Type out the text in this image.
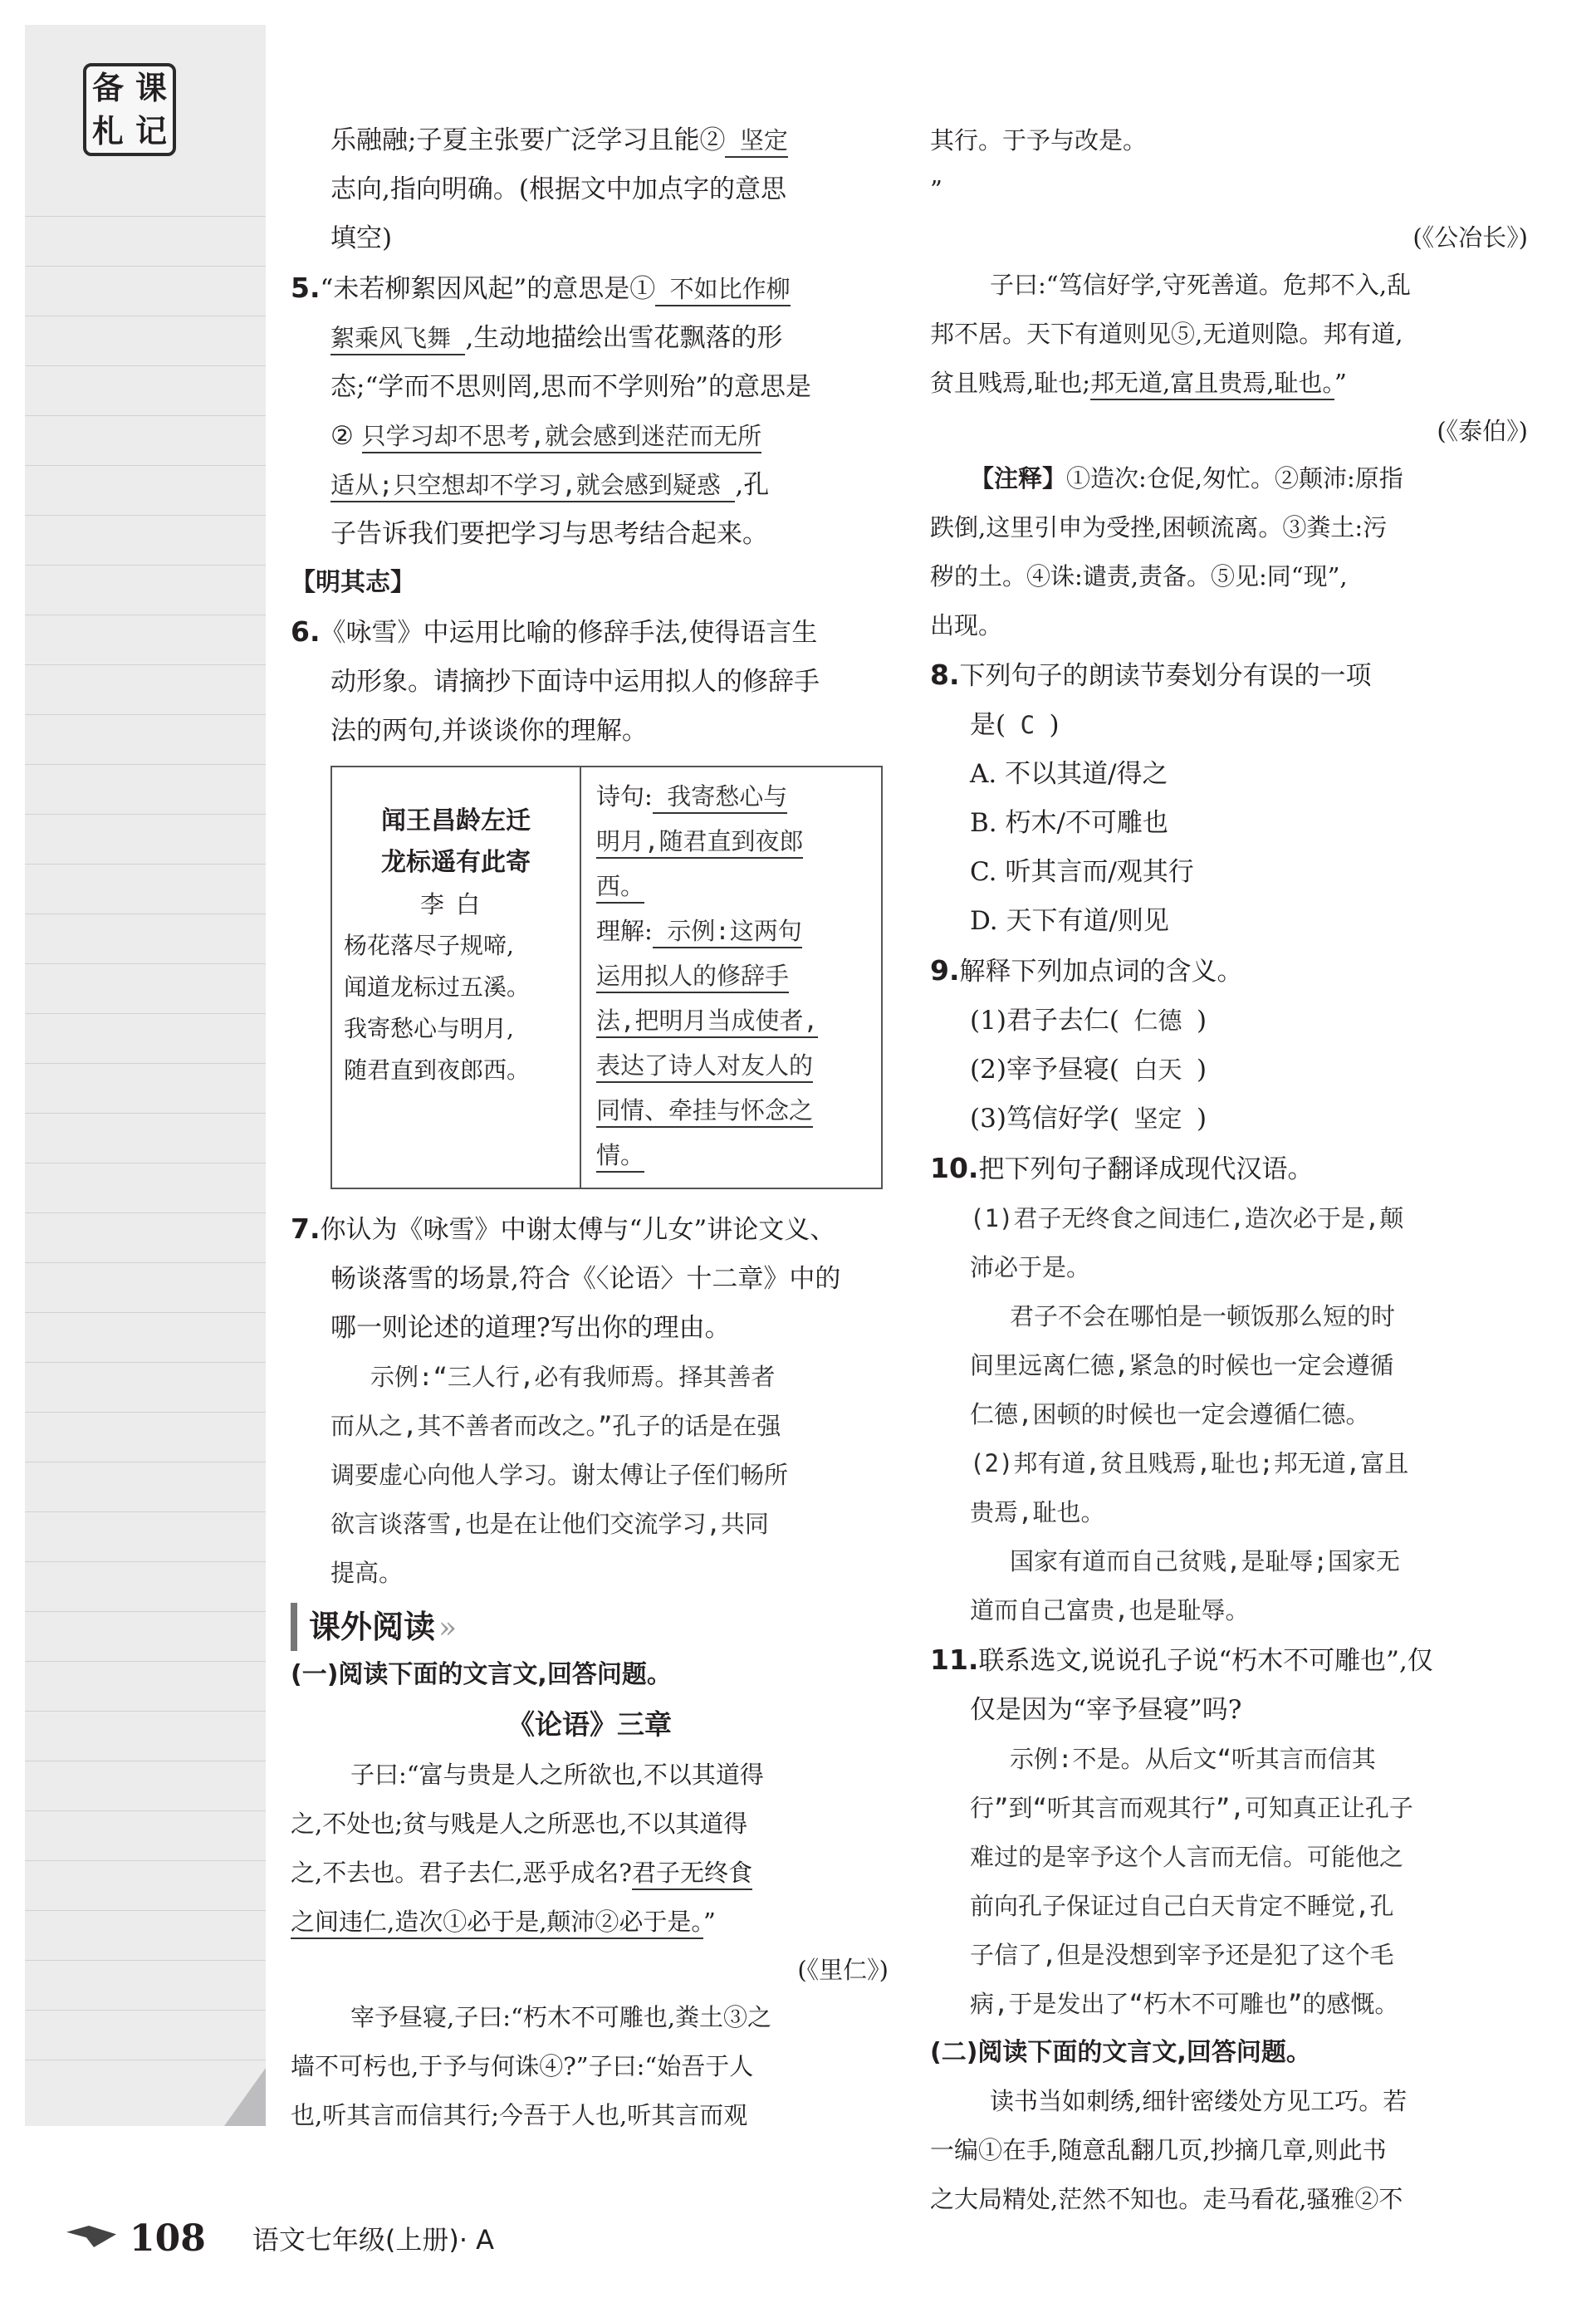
备 课
札 记	乐融融;子夏主张要广泛学习且能② 坚定
志向,指向明确。(根据文中加点字的意思
填空)
5.“未若柳絮因风起”的意思是① 不如比作柳
絮乘风飞舞 ,生动地描绘出雪花飘落的形
态;“学而不思则罔,思而不学则殆”的意思是
② 只学习却不思考,就会感到迷茫而无所
适从;只空想却不学习,就会感到疑惑 ,孔
子告诉我们要把学习与思考结合起来。
【明其志】
6.《咏雪》中运用比喻的修辞手法,使得语言生
动形象。请摘抄下面诗中运用拟人的修辞手
法的两句,并谈谈你的理解。
闻王昌龄左迁
龙标遥有此寄
李白
杨花落尽子规啼,
闻道龙标过五溪。
我寄愁心与明月,
随君直到夜郎西。
诗句: 我寄愁心与
明月,随君直到夜郎
西。
理解: 示例:这两句
运用拟人的修辞手
法,把明月当成使者,
表达了诗人对友人的
同情、牵挂与怀念之
情。
7.你认为《咏雪》中谢太傅与“儿女”讲论文义、
畅谈落雪的场景,符合《〈论语〉十二章》中的
哪一则论述的道理?写出你的理由。
示例:“三人行,必有我师焉。择其善者
而从之,其不善者而改之。”孔子的话是在强
调要虚心向他人学习。谢太傅让子侄们畅所
欲言谈落雪,也是在让他们交流学习,共同
提高。
课外阅读 »
(一)阅读下面的文言文,回答问题。
《论语》三章
子曰:“富与贵是人之所欲也,不以其道得
之,不处也;贫与贱是人之所恶也,不以其道得
之,不去也。君子去仁,恶乎成名?君子无终食
之间违仁,造次①必于是,颠沛②必于是。”
(《里仁》)
宰予昼寝,子曰:“朽木不可雕也,粪土③之
墙不可杇也,于予与何诛④?”子曰:“始吾于人
也,听其言而信其行;今吾于人也,听其言而观
其行。于予与改是。
”
(《公冶长》)
子曰:“笃信好学,守死善道。危邦不入,乱
邦不居。天下有道则见⑤,无道则隐。邦有道,
贫且贱焉,耻也;邦无道,富且贵焉,耻也。”
(《泰伯》)
【注释】①造次:仓促,匆忙。②颠沛:原指
跌倒,这里引申为受挫,困顿流离。③粪土:污
秽的土。④诛:谴责,责备。⑤见:同“现”,
出现。
8.下列句子的朗读节奏划分有误的一项
是( C )
A. 不以其道/得之
B. 朽木/不可雕也
C. 听其言而/观其行
D. 天下有道/则见
9.解释下列加点词的含义。
(1)君子去仁( 仁德 )
(2)宰予昼寝( 白天 )
(3)笃信好学( 坚定 )
10.把下列句子翻译成现代汉语。
(1)君子无终食之间违仁,造次必于是,颠
沛必于是。
君子不会在哪怕是一顿饭那么短的时
间里远离仁德,紧急的时候也一定会遵循
仁德,困顿的时候也一定会遵循仁德。
(2)邦有道,贫且贱焉,耻也;邦无道,富且
贵焉,耻也。
国家有道而自己贫贱,是耻辱;国家无
道而自己富贵,也是耻辱。
11.联系选文,说说孔子说“朽木不可雕也”,仅
仅是因为“宰予昼寝”吗?
示例:不是。从后文“听其言而信其
行”到“听其言而观其行”,可知真正让孔子
难过的是宰予这个人言而无信。可能他之
前向孔子保证过自己白天肯定不睡觉,孔
子信了,但是没想到宰予还是犯了这个毛
病,于是发出了“朽木不可雕也”的感慨。
(二)阅读下面的文言文,回答问题。
读书当如刺绣,细针密缕处方见工巧。若
一编①在手,随意乱翻几页,抄摘几章,则此书
之大局精处,茫然不知也。走马看花,骚雅②不
108 语文七年级(上册)· A
